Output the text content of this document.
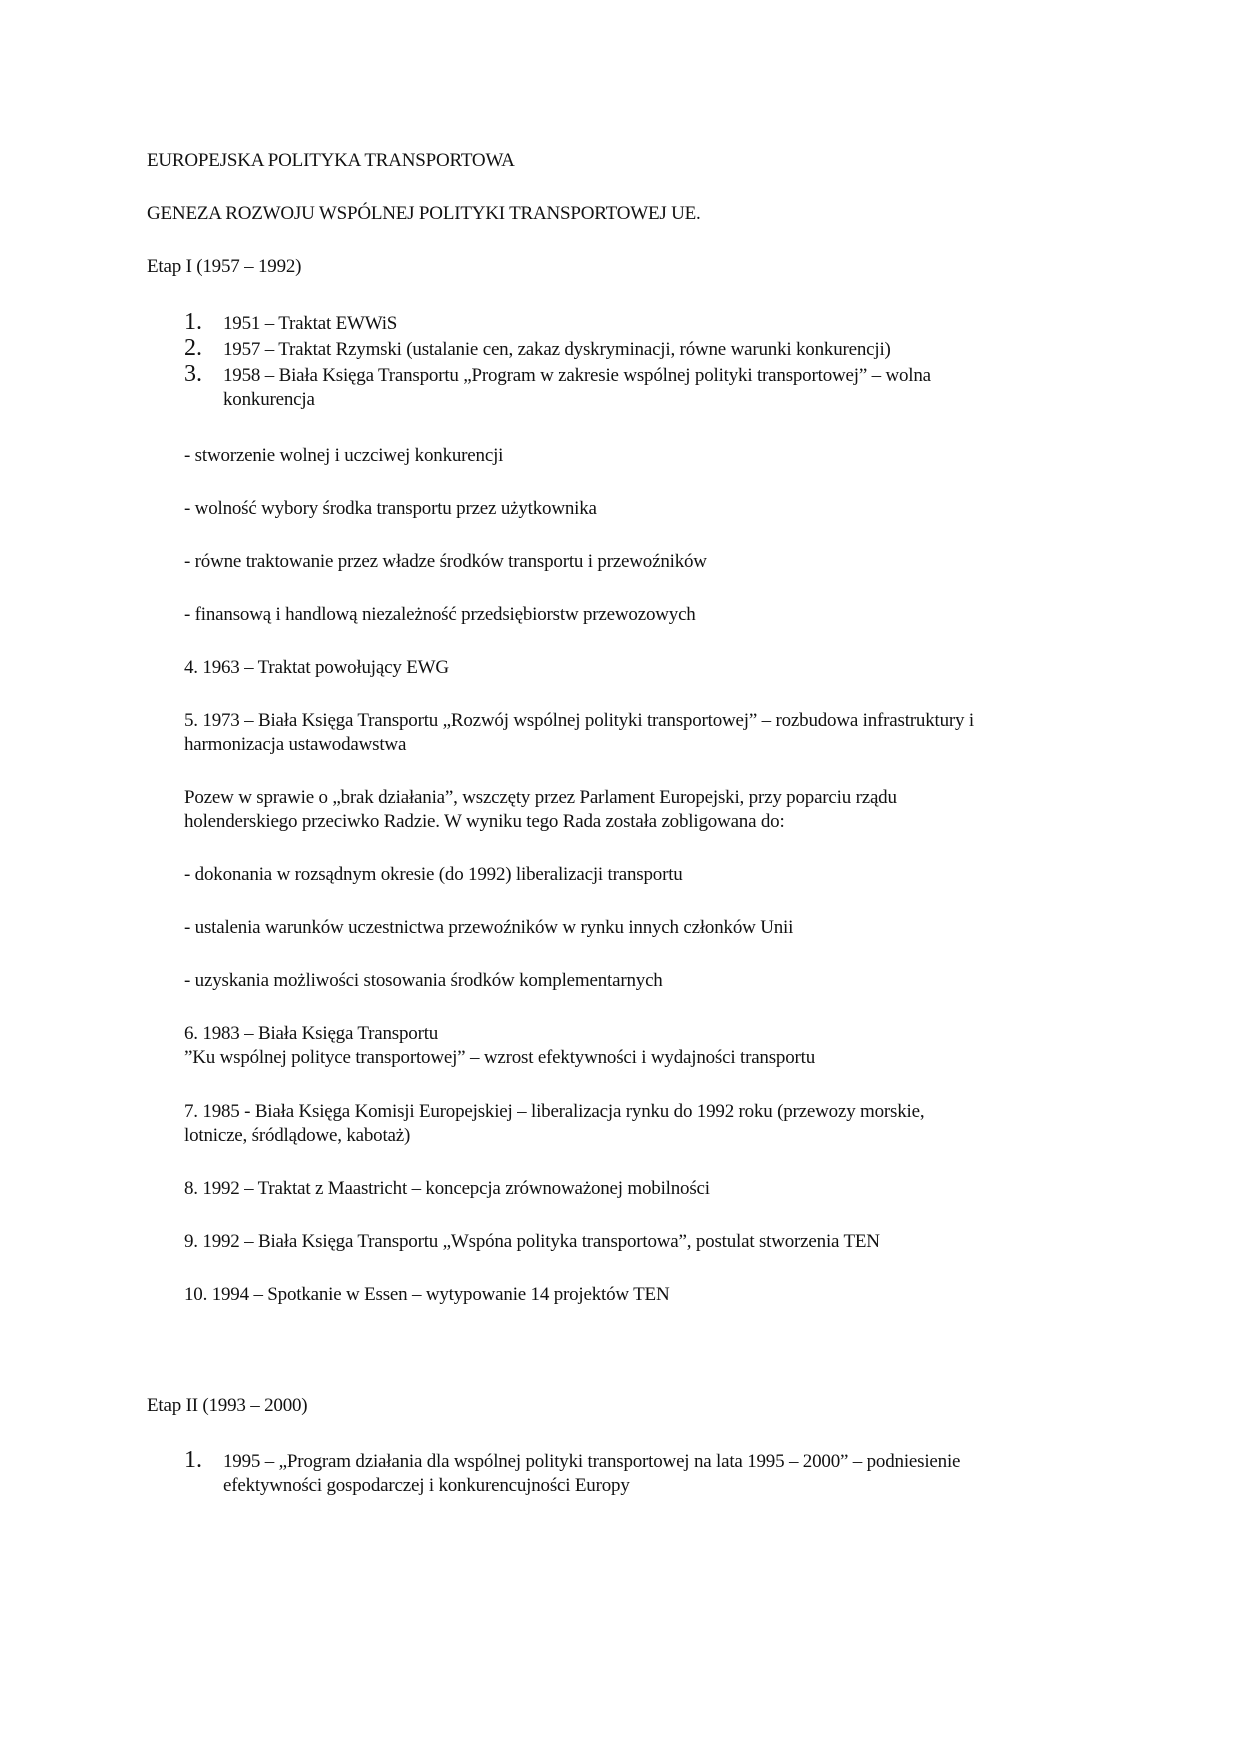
EUROPEJSKA POLITYKA TRANSPORTOWA
GENEZA ROZWOJU WSPÓLNEJ POLITYKI TRANSPORTOWEJ UE.
Etap I (1957 – 1992)
1. 1951 – Traktat EWWiS
2. 1957 – Traktat Rzymski (ustalanie cen, zakaz dyskryminacji, równe warunki konkurencji)
3. 1958 – Biała Księga Transportu „Program w zakresie wspólnej polityki transportowej” – wolna
konkurencja
- stworzenie wolnej i uczciwej konkurencji
- wolność wybory środka transportu przez użytkownika
- równe traktowanie przez władze środków transportu i przewoźników
- finansową i handlową niezależność przedsiębiorstw przewozowych
4. 1963 – Traktat powołujący EWG
5. 1973 – Biała Księga Transportu „Rozwój wspólnej polityki transportowej” – rozbudowa infrastruktury i
harmonizacja ustawodawstwa
Pozew w sprawie o „brak działania”, wszczęty przez Parlament Europejski, przy poparciu rządu
holenderskiego przeciwko Radzie. W wyniku tego Rada została zobligowana do:
- dokonania w rozsądnym okresie (do 1992) liberalizacji transportu
- ustalenia warunków uczestnictwa przewoźników w rynku innych członków Unii
- uzyskania możliwości stosowania środków komplementarnych
6. 1983 – Biała Księga Transportu
”Ku wspólnej polityce transportowej” – wzrost efektywności i wydajności transportu
7. 1985 - Biała Księga Komisji Europejskiej – liberalizacja rynku do 1992 roku (przewozy morskie,
lotnicze, śródlądowe, kabotaż)
8. 1992 – Traktat z Maastricht – koncepcja zrównoważonej mobilności
9. 1992 – Biała Księga Transportu „Wspóna polityka transportowa”, postulat stworzenia TEN
10. 1994 – Spotkanie w Essen – wytypowanie 14 projektów TEN
Etap II (1993 – 2000)
1. 1995 – „Program działania dla wspólnej polityki transportowej na lata 1995 – 2000” – podniesienie
efektywności gospodarczej i konkurencujności Europy
